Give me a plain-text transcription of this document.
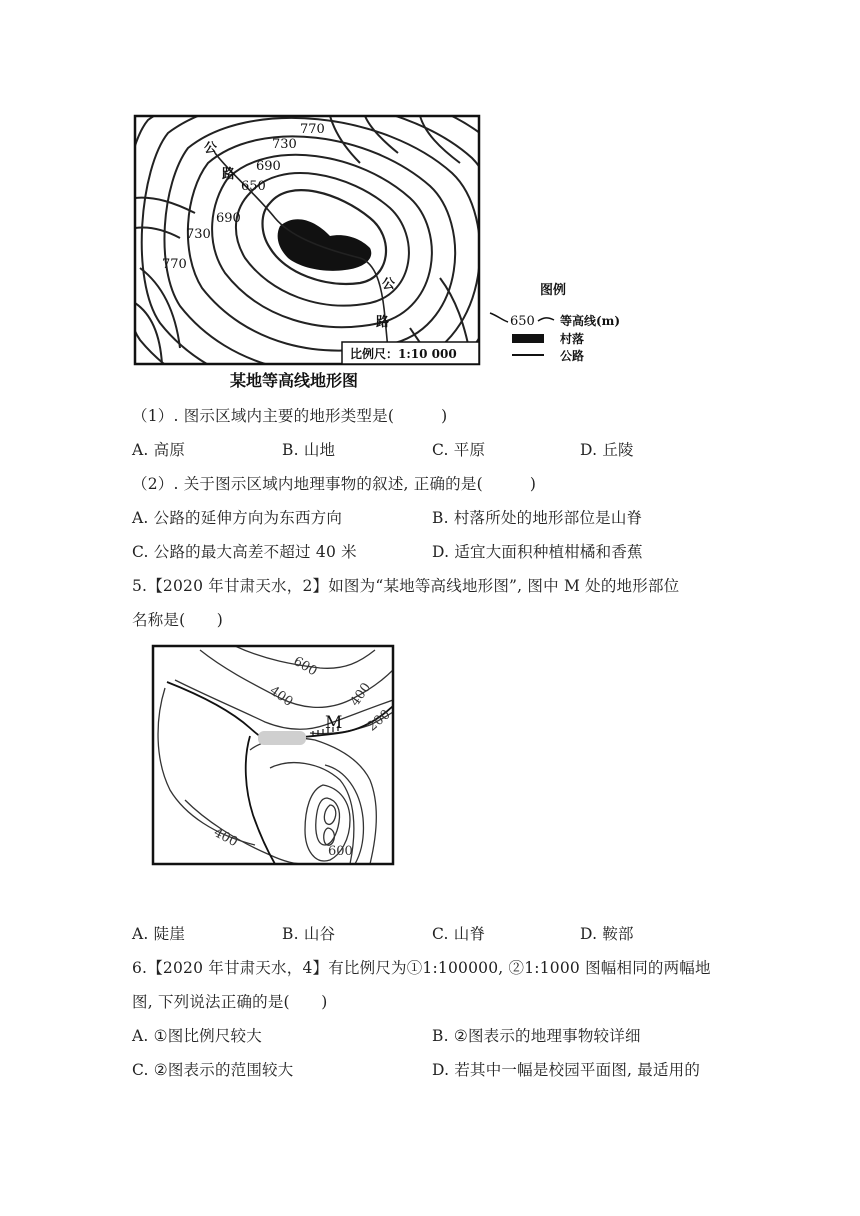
比例尺：1:10 000
770
730
690
650
690
730
770
公
路
公
路
某地等高线地形图
图例
650 等高线(m)
村落
公路
（1）. 图示区域内主要的地形类型是(　　　)
A. 高原	B. 山地	C. 平原	D. 丘陵
（2）. 关于图示区域内地理事物的叙述, 正确的是(　　　)
A. 公路的延伸方向为东西方向	B. 村落所处的地形部位是山脊
C. 公路的最大高差不超过 40 米	D. 适宜大面积种植柑橘和香蕉
5.【2020 年甘肃天水，2】如图为“某地等高线地形图”, 图中 M 处的地形部位
名称是(　　)
600
400	400
200
400
600
M
A. 陡崖	B. 山谷	C. 山脊	D. 鞍部
6.【2020 年甘肃天水，4】有比例尺为①1:100000, ②1:1000 图幅相同的两幅地
图, 下列说法正确的是(　　)
A. ①图比例尺较大	B. ②图表示的地理事物较详细
C. ②图表示的范围较大	D. 若其中一幅是校园平面图, 最适用的
